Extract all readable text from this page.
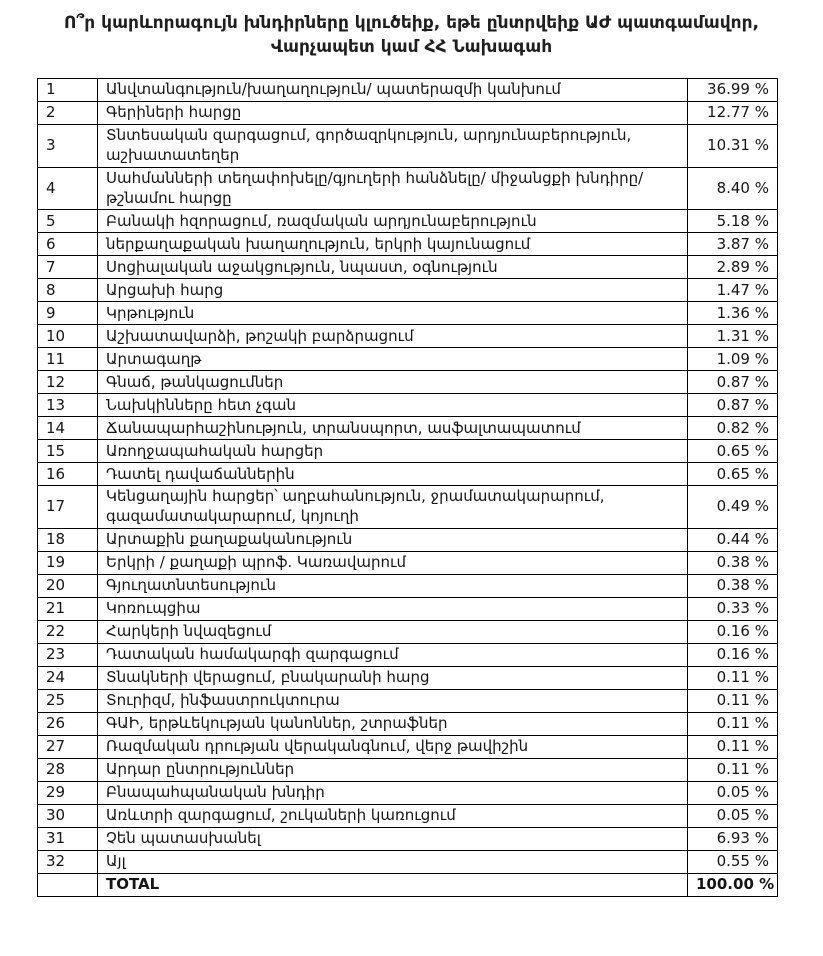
Ո՞ր կարևորագույն խնդիրները կլուծեիք, եթե ընտրվեիք ԱԺ պատգամավոր,
Վարչապետ կամ ՀՀ Նախագահ
1	Անվտանգություն/խաղաղություն/ պատերազմի կանխում	36.99 %
2	Գերիների հարցը	12.77 %
3	Տնտեսական զարգացում, գործազրկություն, արդյունաբերություն, աշխատատեղեր	10.31 %
4	Սահմանների տեղափոխելը/գյուղերի հանձնելը/ միջանցքի խնդիրը/թշնամու հարցը	8.40 %
5	Բանակի հզորացում, ռազմական արդյունաբերություն	5.18 %
6	ներքաղաքական խաղաղություն, երկրի կայունացում	3.87 %
7	Սոցիալական աջակցություն, նպաստ, օգնություն	2.89 %
8	Արցախի հարց	1.47 %
9	Կրթություն	1.36 %
10	Աշխատավարձի, թոշակի բարձրացում	1.31 %
11	Արտագաղթ	1.09 %
12	Գնաճ, թանկացումներ	0.87 %
13	Նախկինները հետ չգան	0.87 %
14	Ճանապարհաշինություն, տրանսպորտ, ասֆալտապատում	0.82 %
15	Առողջապահական հարցեր	0.65 %
16	Դատել դավաճաններին	0.65 %
17	Կենցաղային հարցեր՝ աղբահանություն, ջրամատակարարում, գազամատակարարում, կոյուղի	0.49 %
18	Արտաքին քաղաքականություն	0.44 %
19	Երկրի / քաղաքի պրոֆ. Կառավարում	0.38 %
20	Գյուղատնտեսություն	0.38 %
21	Կոռուպցիա	0.33 %
22	Հարկերի նվազեցում	0.16 %
23	Դատական համակարգի զարգացում	0.16 %
24	Տնակների վերացում, բնակարանի հարց	0.11 %
25	Տուրիզմ, ինֆաստրուկտուրա	0.11 %
26	ԳԱԻ, երթևեկության կանոններ, շտրաֆներ	0.11 %
27	Ռազմական դրության վերականգնում, վերջ թավիշին	0.11 %
28	Արդար ընտրություններ	0.11 %
29	Բնապահպանական խնդիր	0.05 %
30	Առևտրի զարգացում, շուկաների կառուցում	0.05 %
31	Չեն պատասխանել	6.93 %
32	Այլ	0.55 %
	TOTAL	100.00 %
